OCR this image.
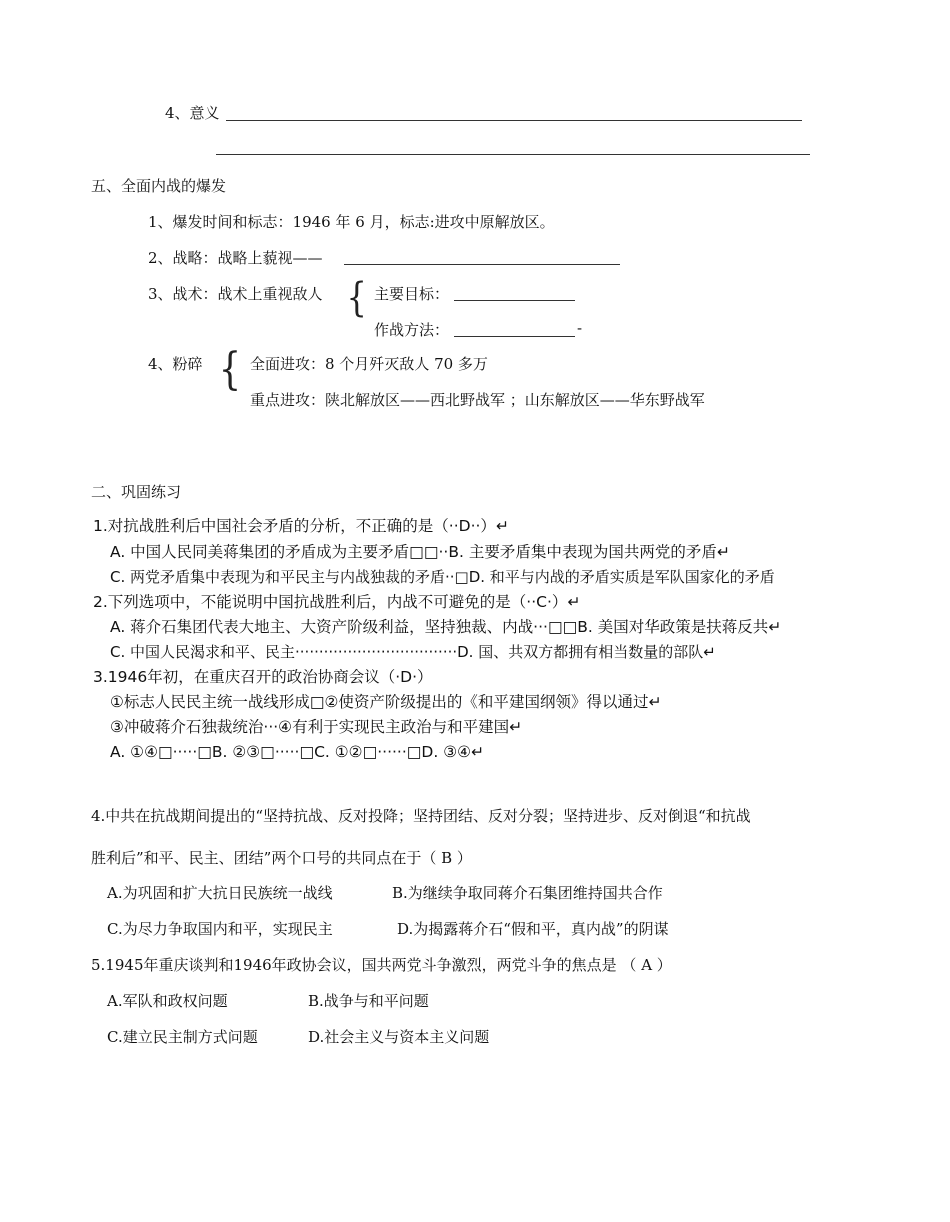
4、意义
五、全面内战的爆发
1、爆发时间和标志：1946 年 6 月，标志:进攻中原解放区。
2、战略：战略上藐视——
3、战术：战术上重视敌人 { 主要目标：
作战方法：	-
4、粉碎 { 全面进攻：8 个月歼灭敌人 70 多万
重点进攻：陕北解放区——西北野战军 ；山东解放区——华东野战军
二、巩固练习
1.对抗战胜利后中国社会矛盾的分析，不正确的是（··D··）↵
A. 中国人民同美蒋集团的矛盾成为主要矛盾□□··B. 主要矛盾集中表现为国共两党的矛盾↵
C. 两党矛盾集中表现为和平民主与内战独裁的矛盾··□D. 和平与内战的矛盾实质是军队国家化的矛盾
2.下列选项中，不能说明中国抗战胜利后，内战不可避免的是（··C·）↵
A. 蒋介石集团代表大地主、大资产阶级利益，坚持独裁、内战···□□B. 美国对华政策是扶蒋反共↵
C. 中国人民渴求和平、民主··································D. 国、共双方都拥有相当数量的部队↵
3.1946年初，在重庆召开的政治协商会议（·D·）
①标志人民民主统一战线形成□②使资产阶级提出的《和平建国纲领》得以通过↵
③冲破蒋介石独裁统治···④有利于实现民主政治与和平建国↵
A. ①④□·····□B. ②③□·····□C. ①②□······□D. ③④↵
4.中共在抗战期间提出的“坚持抗战、反对投降；坚持团结、反对分裂；坚持进步、反对倒退“和抗战
胜利后”和平、民主、团结”两个口号的共同点在于（ B ）
A.为巩固和扩大抗日民族统一战线	B.为继续争取同蒋介石集团维持国共合作
C.为尽力争取国内和平，实现民主	D.为揭露蒋介石“假和平，真内战”的阴谋
5.1945年重庆谈判和1946年政协会议，国共两党斗争激烈，两党斗争的焦点是 （ A ）
A.军队和政权问题	B.战争与和平问题
C.建立民主制方式问题	D.社会主义与资本主义问题
